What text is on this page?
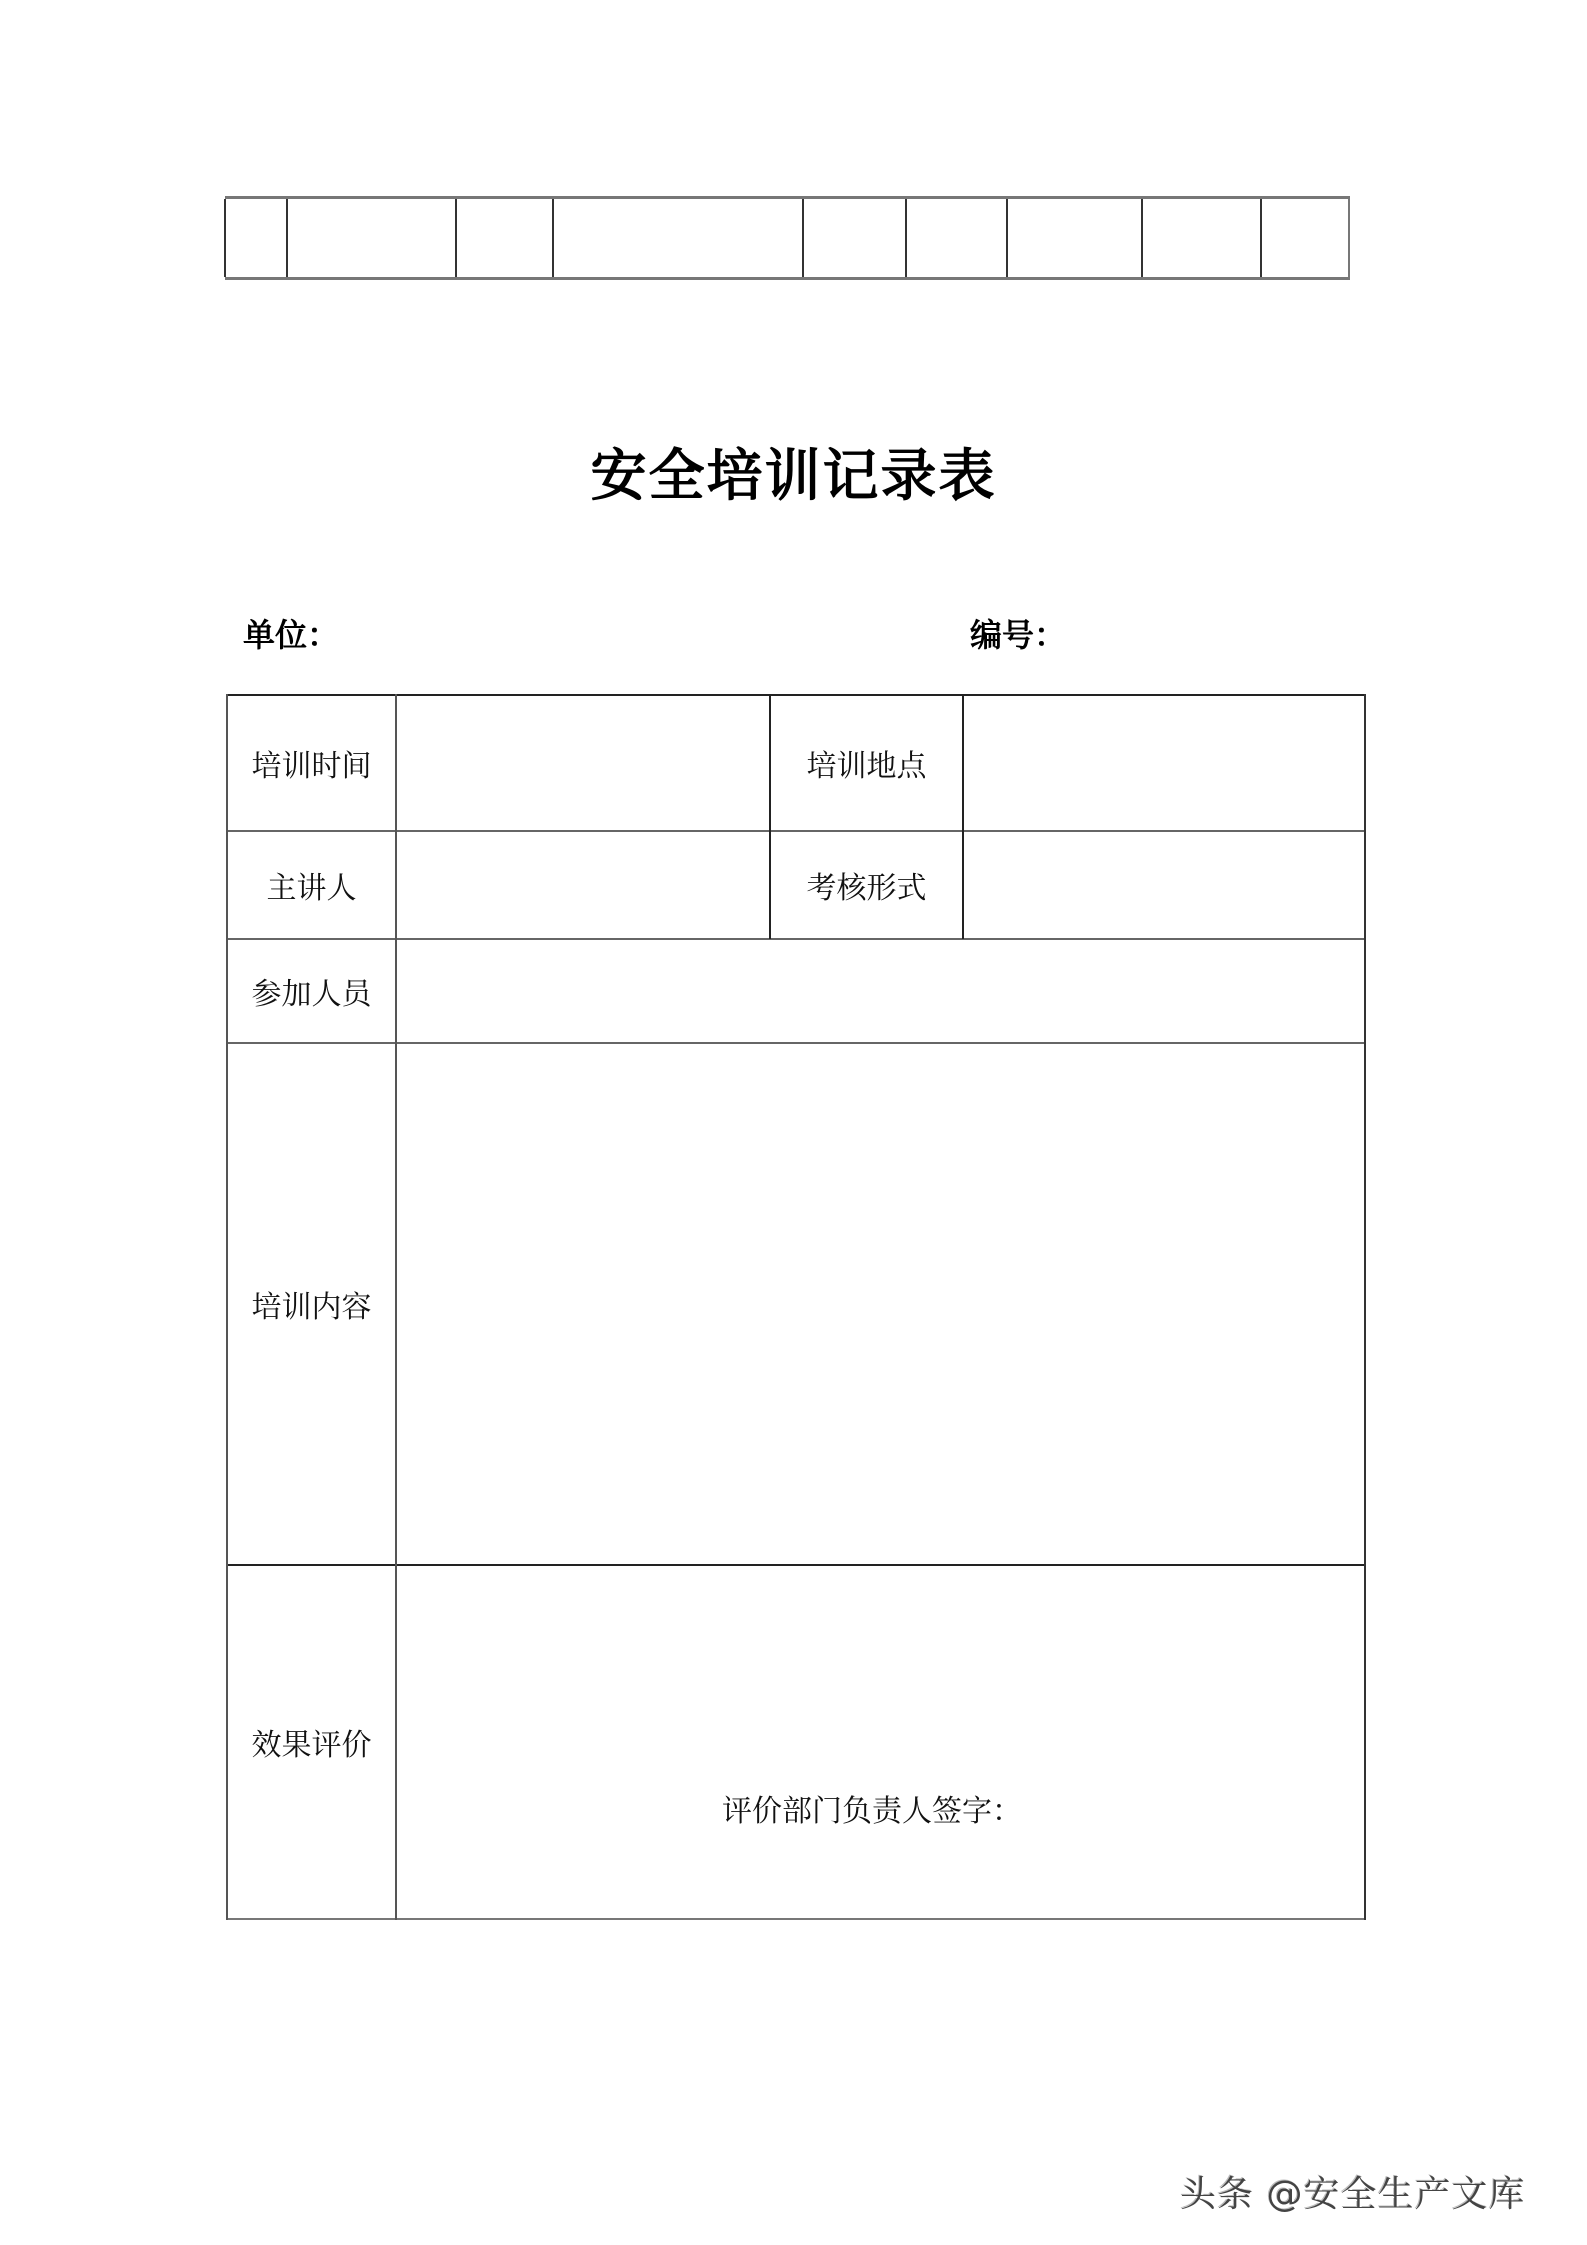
安全培训记录表
单位：	编号：
培训时间	培训地点
主讲人	考核形式
参加人员
培训内容
效果评价
评价部门负责人签字：
头条 @安全生产文库
